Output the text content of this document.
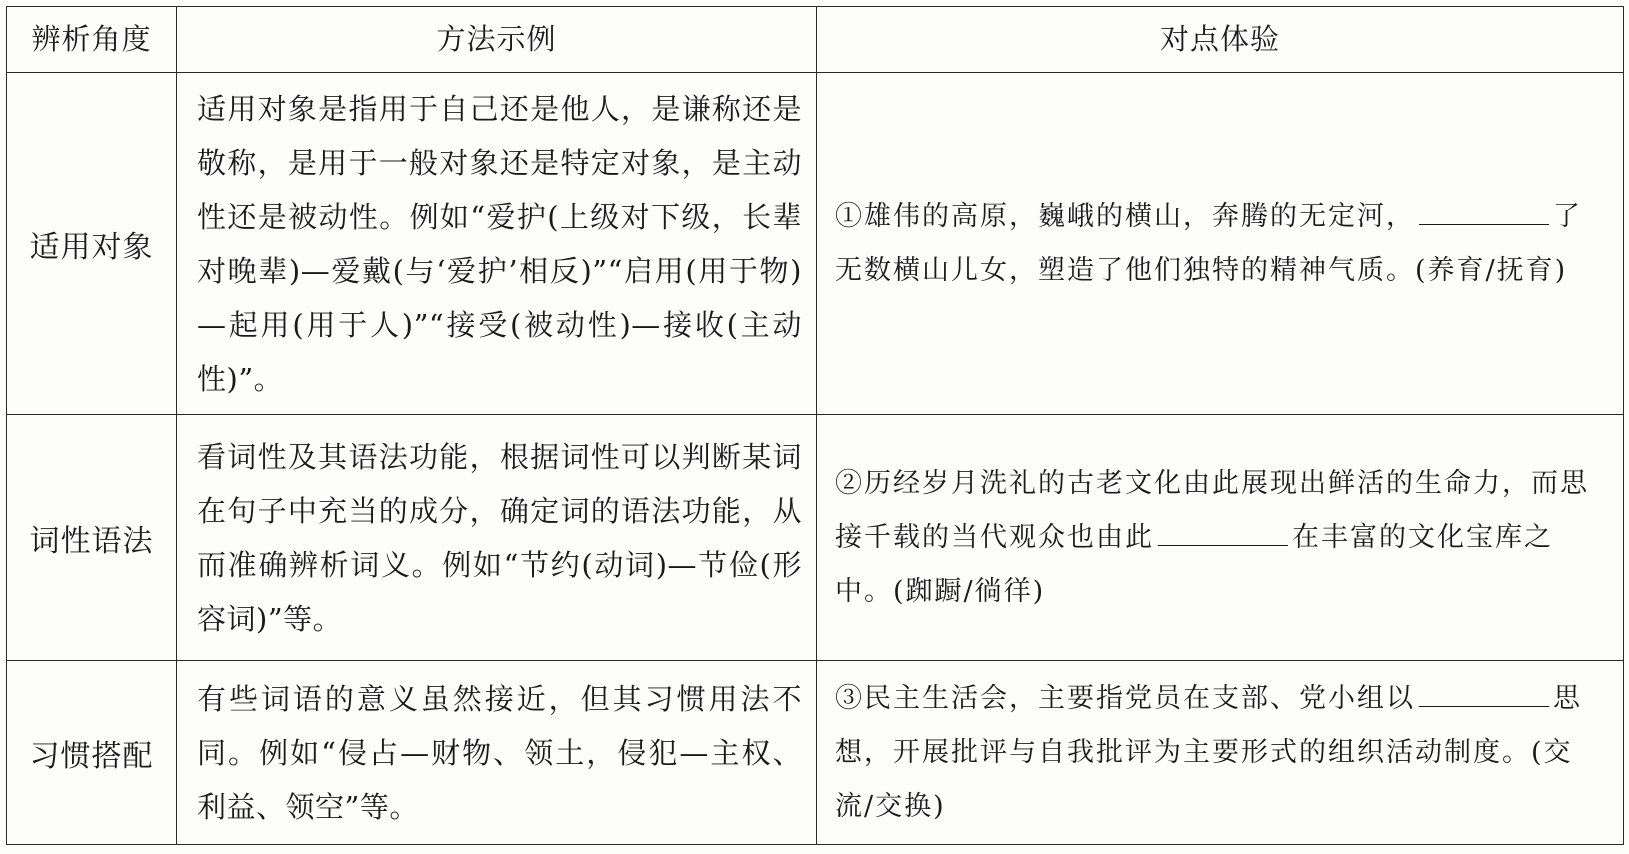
辨析角度	方法示例	对点体验
适用对象	适用对象是指用于自己还是他人，是谦称还是敬称，是用于一般对象还是特定对象，是主动性还是被动性。例如“爱护(上级对下级，长辈对晚辈)—爱戴(与‘爱护’相反)”“启用(用于物)—起用(用于人)”“接受(被动性)—接收(主动性)”。	①雄伟的高原，巍峨的横山，奔腾的无定河， 了无数横山儿女，塑造了他们独特的精神气质。(养育/抚育)
词性语法	看词性及其语法功能，根据词性可以判断某词在句子中充当的成分，确定词的语法功能，从而准确辨析词义。例如“节约(动词)—节俭(形容词)”等。	②历经岁月洗礼的古老文化由此展现出鲜活的生命力，而思接千载的当代观众也由此 在丰富的文化宝库之中。(踟蹰/徜徉)
习惯搭配	有些词语的意义虽然接近，但其习惯用法不同。例如“侵占—财物、领土，侵犯—主权、利益、领空”等。	③民主生活会，主要指党员在支部、党小组以 思想，开展批评与自我批评为主要形式的组织活动制度。(交流/交换)
